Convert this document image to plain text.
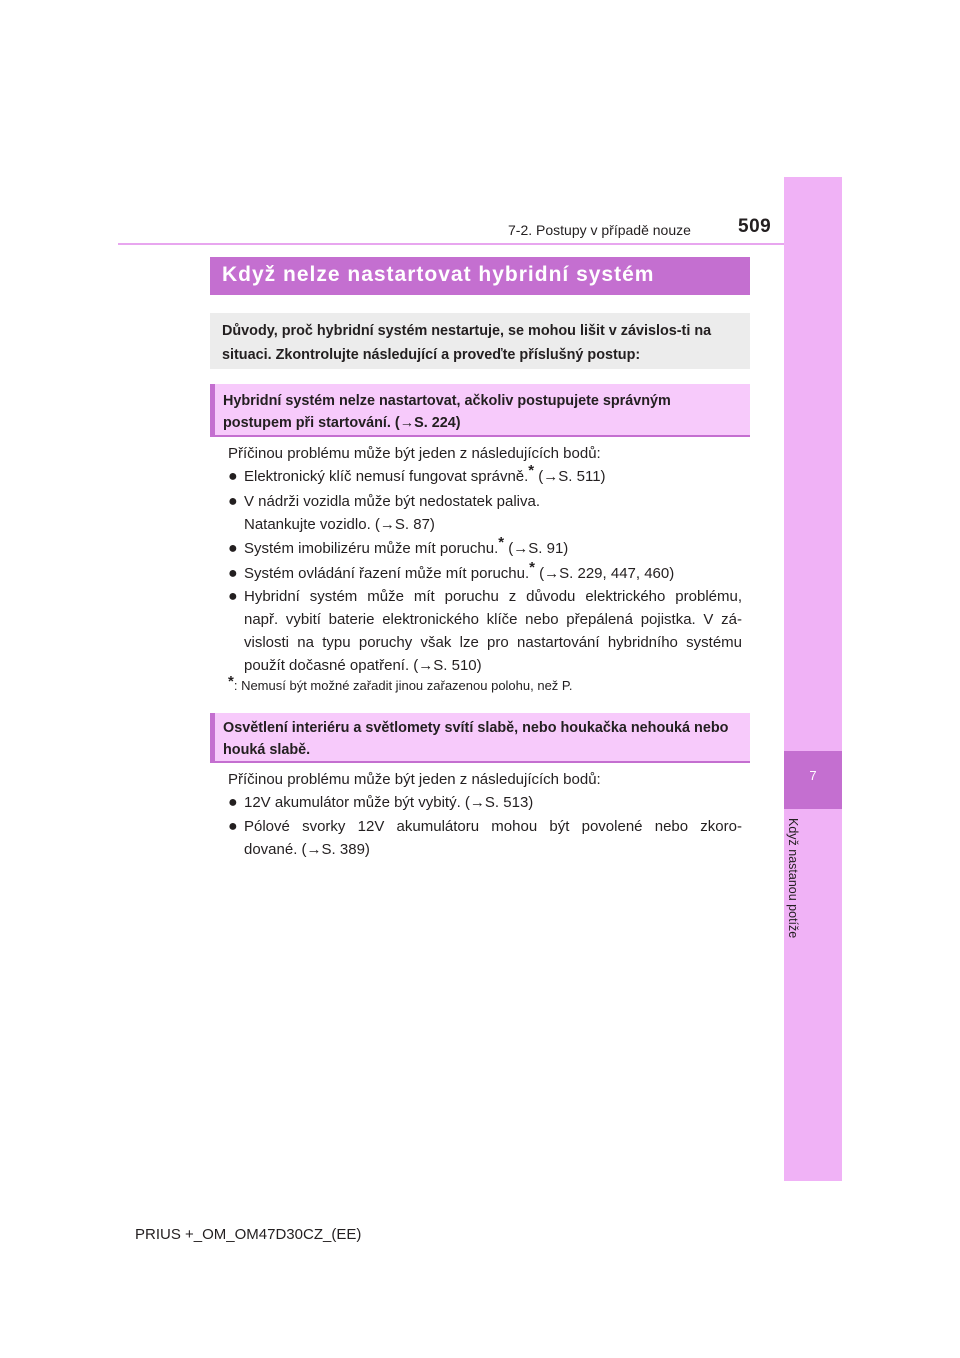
7-2. Postupy v případě nouze 509
7
Když nastanou potíže
Když nelze nastartovat hybridní systém
Důvody, proč hybridní systém nestartuje, se mohou lišit v závislos-ti na situaci. Zkontrolujte následující a proveďte příslušný postup:
Hybridní systém nelze nastartovat, ačkoliv postupujete správným postupem při startování. (→S. 224)
Příčinou problému může být jeden z následujících bodů:
● Elektronický klíč nemusí fungovat správně.* (→S. 511)
● V nádrži vozidla může být nedostatek paliva.
Natankujte vozidlo. (→S. 87)
● Systém imobilizéru může mít poruchu.* (→S. 91)
● Systém ovládání řazení může mít poruchu.* (→S. 229, 447, 460)
● Hybridní systém může mít poruchu z důvodu elektrického problému,
např. vybití baterie elektronického klíče nebo přepálená pojistka. V zá-
vislosti na typu poruchy však lze pro nastartování hybridního systému
použít dočasné opatření. (→S. 510)
*: Nemusí být možné zařadit jinou zařazenou polohu, než P.
Osvětlení interiéru a světlomety svítí slabě, nebo houkačka nehouká nebo houká slabě.
Příčinou problému může být jeden z následujících bodů:
● 12V akumulátor může být vybitý. (→S. 513)
● Pólové svorky 12V akumulátoru mohou být povolené nebo zkoro-
dované. (→S. 389)
PRIUS +_OM_OM47D30CZ_(EE)
